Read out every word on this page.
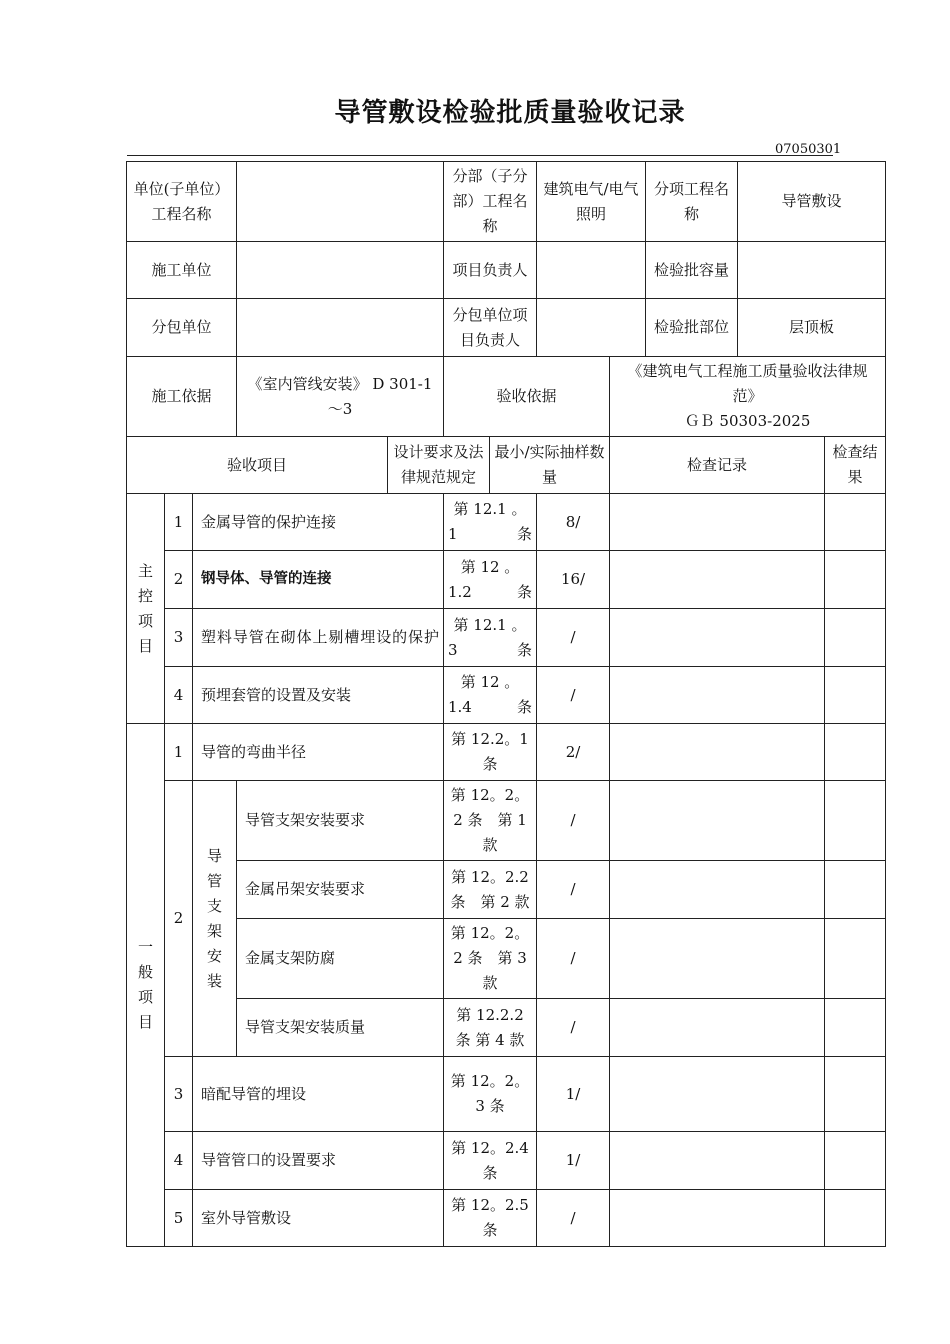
导管敷设检验批质量验收记录
07050301
单位(子单位）工程名称					分部（子分部）工程名称		建筑电气/电气照明		分项工程名称	导管敷设	
施工单位					项目负责人				检验批容量		
分包单位					分包单位项目负责人				检验批部位	层顶板	
施工依据			《室内管线安装》 D 301-1～3		验收依据			《建筑电气工程施工质量验收法律规范》
ＧＢ 50303-2025			
验收项目				设计要求及法律规范规定		最小/实际抽样数量		检查记录			检查结果
主控项目	1	金属导管的保护连接			第 12.1 。 1 条		8/				
	2	钢导体、导管的连接			第 12 。 1.2 条		16/				
	3	塑料导管在砌体上剔槽埋设的保护			第 12.1 。 3 条		/				
	4	预埋套管的设置及安装			第 12 。 1.4 条		/				
一般项目	1	导管的弯曲半径			第 12.2。1 条		2/				
	2	导管支架安装	导管支架安装要求		第 12。2。2 条　第 1 款		/				
			金属吊架安装要求		第 12。2.2 条　第 2 款		/				
			金属支架防腐		第 12。2。2 条　第 3 款		/				
			导管支架安装质量		第 12.2.2 条 第 4 款		/				
	3	暗配导管的埋设			第 12。2。3 条		1/				
	4	导管管口的设置要求			第 12。2.4 条		1/				
	5	室外导管敷设			第 12。2.5 条		/				
